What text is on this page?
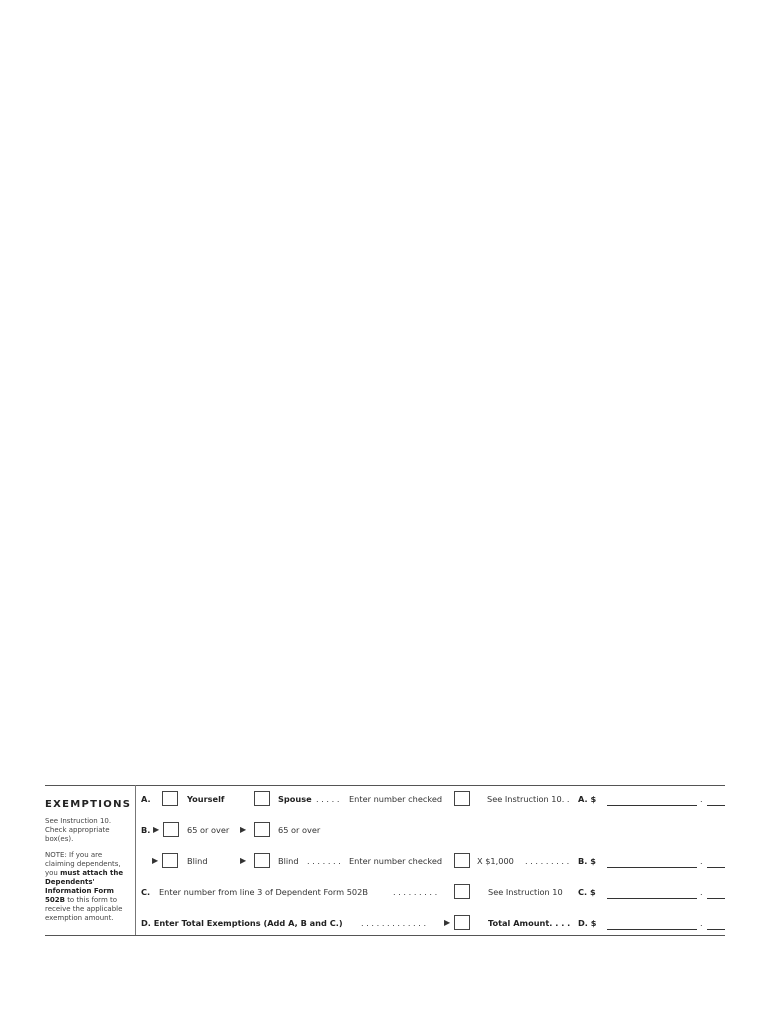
EXEMPTIONS
See Instruction 10. Check appropriate box(es).
NOTE: If you are claiming dependents, you must attach the Dependents' Information Form 502B to this form to receive the applicable exemption amount.
A.	Yourself	Spouse . . . . . Enter number checked	See Instruction 10. . A. $	.
B. ▶	65 or over ▶	65 or over
▶	Blind	▶	Blind . . . . . . . Enter number checked	X $1,000 . . . . . . . . . B. $	.
C. Enter number from line 3 of Dependent Form 502B	. . . . . . . . .	See Instruction 10 C. $	.
D. Enter Total Exemptions (Add A, B and C.) . . . . . . . . . . . . . ▶	Total Amount. . . . D. $	.
